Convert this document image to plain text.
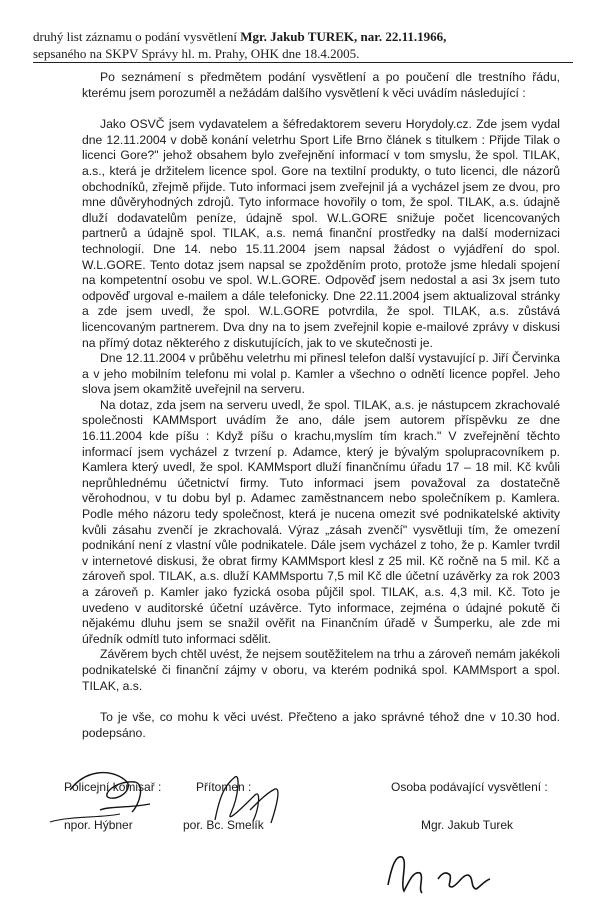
druhý list záznamu o podání vysvětlení Mgr. Jakub TUREK, nar. 22.11.1966,
sepsaného na SKPV Správy hl. m. Prahy, OHK dne 18.4.2005.

Po seznámení s předmětem podání vysvětlení a po poučení dle trestního řádu, kterému jsem porozuměl a nežádám dalšího vysvětlení k věci uvádím následující :

Jako OSVČ jsem vydavatelem a šéfredaktorem severu Horydoly.cz. Zde jsem vydal dne 12.11.2004 v době konání veletrhu Sport Life Brno článek s titulkem : Přijde Tilak o licenci Gore?" jehož obsahem bylo zveřejnění informací v tom smyslu, že spol. TILAK, a.s., která je držitelem licence spol. Gore na textilní produkty, o tuto licenci, dle názorů obchodníků, zřejmě přijde. Tuto informaci jsem zveřejnil já a vycházel jsem ze dvou, pro mne důvěryhodných zdrojů. Tyto informace hovořily o tom, že spol. TILAK, a.s. údajně dluží dodavatelům peníze, údajně spol. W.L.GORE snižuje počet licencovaných partnerů a údajně spol. TILAK, a.s. nemá finanční prostředky na další modernizaci technologií. Dne 14. nebo 15.11.2004 jsem napsal žádost o vyjádření do spol. W.L.GORE. Tento dotaz jsem napsal se zpožděním proto, protože jsme hledali spojení na kompetentní osobu ve spol. W.L.GORE. Odpověď jsem nedostal a asi 3x jsem tuto odpověď urgoval e-mailem a dále telefonicky. Dne 22.11.2004 jsem aktualizoval stránky a zde jsem uvedl, že spol. W.L.GORE potvrdila, že spol. TILAK, a.s. zůstává licencovaným partnerem. Dva dny na to jsem zveřejnil kopie e-mailové zprávy v diskusi na přímý dotaz některého z diskutujících, jak to ve skutečnosti je.

Dne 12.11.2004 v průběhu veletrhu mi přinesl telefon další vystavující p. Jiří Červinka a v jeho mobilním telefonu mi volal p. Kamler a všechno o odnětí licence popřel. Jeho slova jsem okamžitě uveřejnil na serveru.

Na dotaz, zda jsem na serveru uvedl, že spol. TILAK, a.s. je nástupcem zkrachovalé společnosti KAMMsport uvádím že ano, dále jsem autorem příspěvku ze dne 16.11.2004 kde píšu : Když píšu o krachu,myslím tím krach." V zveřejnění těchto informací jsem vycházel z tvrzení p. Adamce, který je bývalým spolupracovníkem p. Kamlera který uvedl, že spol. KAMMsport dluží finančnímu úřadu 17 – 18 mil. Kč kvůli neprůhlednému účetnictví firmy. Tuto informaci jsem považoval za dostatečně věrohodnou, v tu dobu byl p. Adamec zaměstnancem nebo společníkem p. Kamlera. Podle mého názoru tedy společnost, která je nucena omezit své podnikatelské aktivity kvůli zásahu zvenčí je zkrachovalá. Výraz „zásah zvenčí" vysvětluji tím, že omezení podnikání není z vlastní vůle podnikatele. Dále jsem vycházel z toho, že p. Kamler tvrdil v internetové diskusi, že obrat firmy KAMMsport klesl z 25 mil. Kč ročně na 5 mil. Kč a zároveň spol. TILAK, a.s. dluží KAMMsportu 7,5 mil Kč dle účetní uzávěrky za rok 2003 a zároveň p. Kamler jako fyzická osoba půjčil spol. TILAK, a.s. 4,3 mil. Kč. Toto je uvedeno v auditorské účetní uzávěrce. Tyto informace, zejména o údajné pokutě či nějakému dluhu jsem se snažil ověřit na Finančním úřadě v Šumperku, ale zde mi úředník odmítl tuto informaci sdělit.

Závěrem bych chtěl uvést, že nejsem soutěžitelem na trhu a zároveň nemám jakékoli podnikatelské či finanční zájmy v oboru, va kterém podniká spol. KAMMsport a spol. TILAK, a.s.

To je vše, co mohu k věci uvést. Přečteno a jako správné téhož dne v 10.30 hod. podepsáno.

Policejní komisař :	Přítomen :	Osoba podávající vysvětlení :
npor. Hýbner	por. Bc. Smelík	Mgr. Jakub Turek
